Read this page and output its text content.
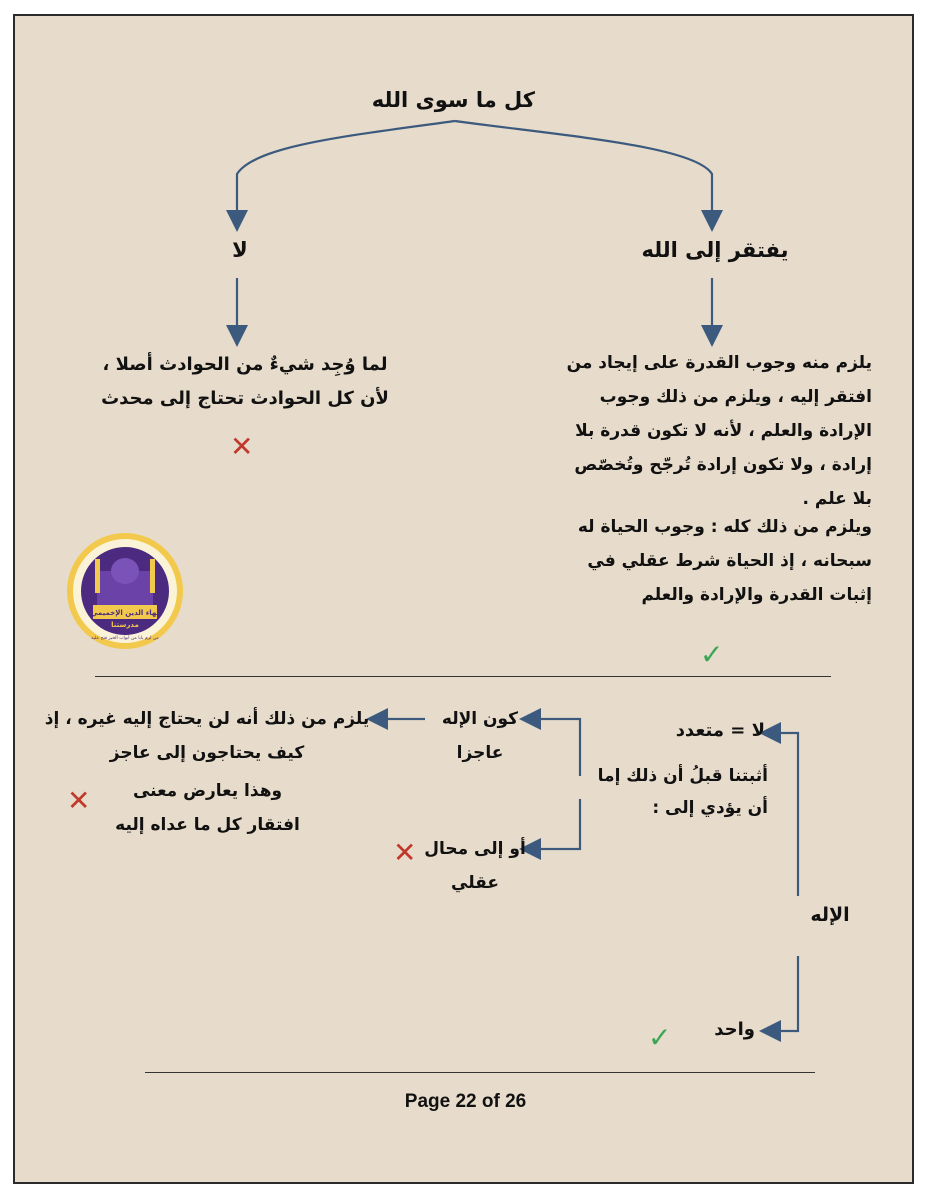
كل ما سوى الله
لا	يفتقر إلى الله
لما وُجِد شيءٌ من الحوادث أصلا ،
لأن كل الحوادث تحتاج إلى محدث
✕
يلزم منه وجوب القدرة على إيجاد من افتقر إليه ، ويلزم من ذلك وجوب الإرادة والعلم ، لأنه لا تكون قدرة بلا إرادة ، ولا تكون إرادة تُرجّح وتُخصّص بلا علم .
ويلزم من ذلك كله : وجوب الحياة له سبحانه ، إذ الحياة شرط عقلي في إثبات القدرة والإرادة والعلم
✓
بهاء الدين الإخميمي
مدرستنا
من لزم بابا من أبواب الخير فتح عليه
لا = متعدد
أثبتنا قبلُ أن ذلك إما أن يؤدي إلى :
الإله
واحد
✓
كون الإله عاجزا
أو إلى محال عقلي
✕
يلزم من ذلك أنه لن يحتاج إليه غيره ، إذ كيف يحتاجون إلى عاجز
وهذا يعارض معنى افتقار كل ما عداه إليه
✕
Page 22 of 26
